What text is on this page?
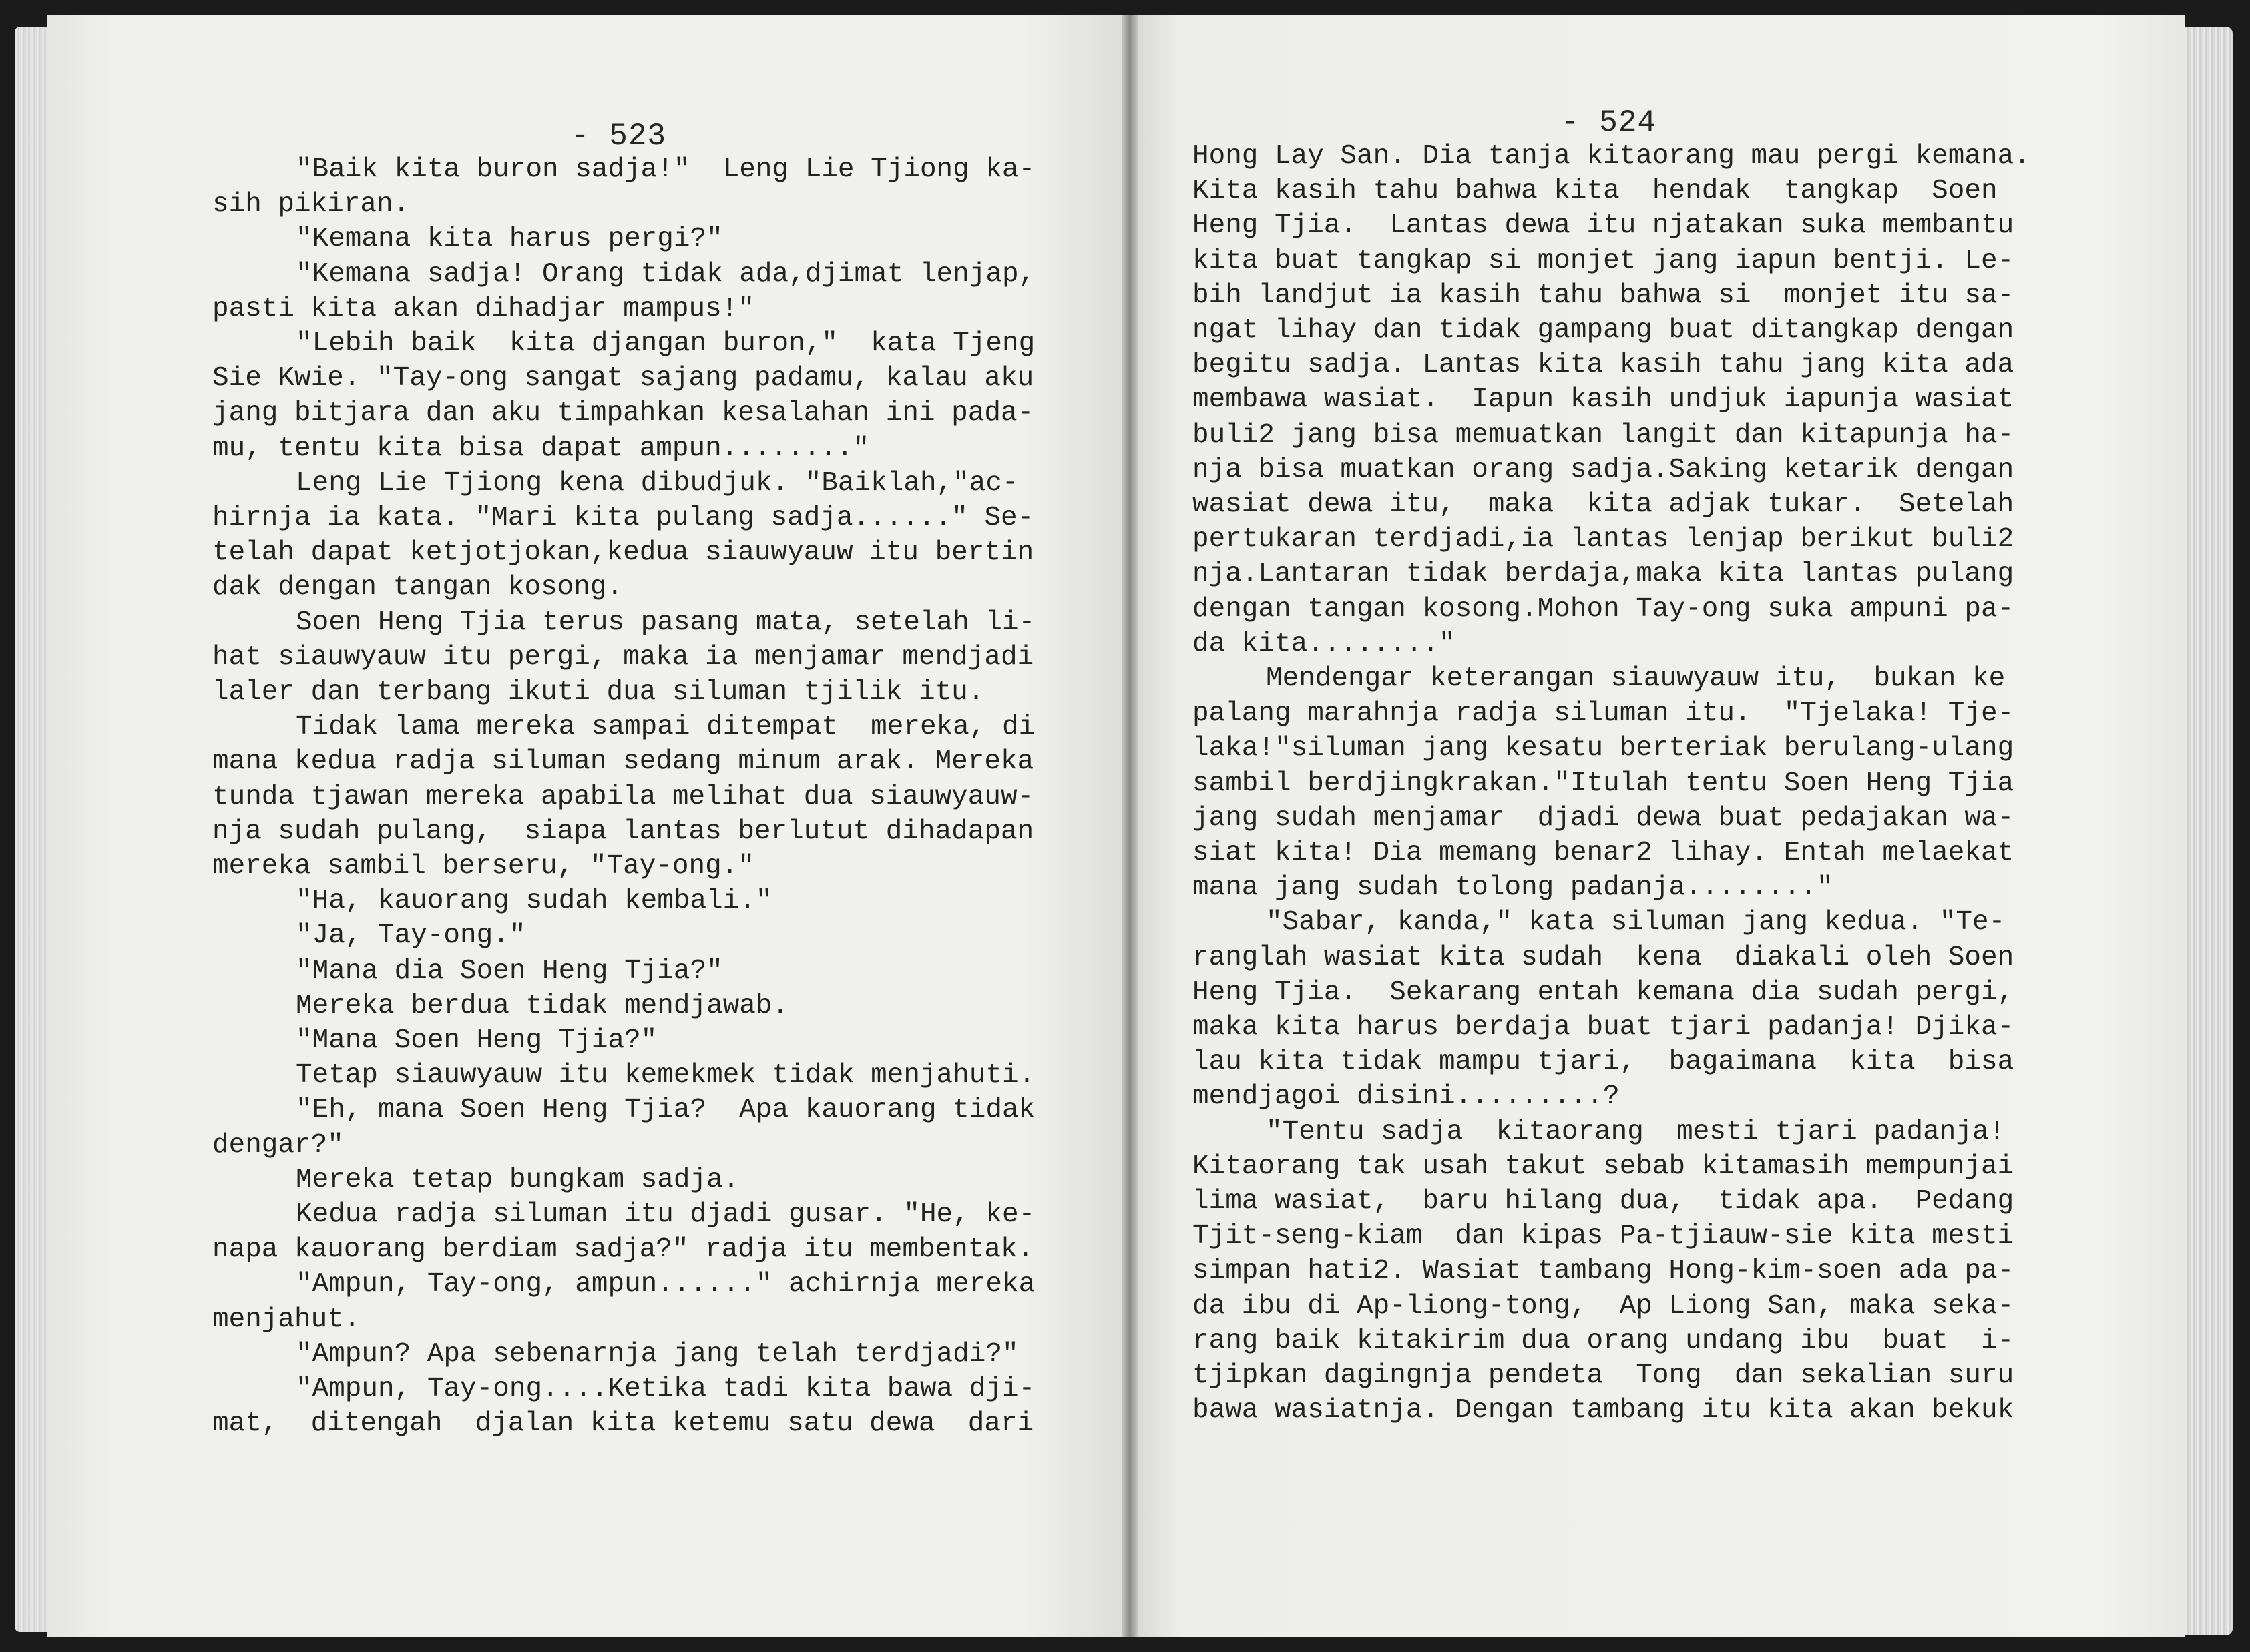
- 523	- 524
"Baik kita buron sadja!"  Leng Lie Tjiong ka-
sih pikiran.
"Kemana kita harus pergi?"
"Kemana sadja! Orang tidak ada,djimat lenjap,
pasti kita akan dihadjar mampus!"
"Lebih baik  kita djangan buron,"  kata Tjeng
Sie Kwie. "Tay-ong sangat sajang padamu, kalau aku
jang bitjara dan aku timpahkan kesalahan ini pada-
mu, tentu kita bisa dapat ampun........"
Leng Lie Tjiong kena dibudjuk. "Baiklah,"ac-
hirnja ia kata. "Mari kita pulang sadja......" Se-
telah dapat ketjotjokan,kedua siauwyauw itu bertin
dak dengan tangan kosong.
Soen Heng Tjia terus pasang mata, setelah li-
hat siauwyauw itu pergi, maka ia menjamar mendjadi
laler dan terbang ikuti dua siluman tjilik itu.
Tidak lama mereka sampai ditempat  mereka, di
mana kedua radja siluman sedang minum arak. Mereka
tunda tjawan mereka apabila melihat dua siauwyauw-
nja sudah pulang,  siapa lantas berlutut dihadapan
mereka sambil berseru, "Tay-ong."
"Ha, kauorang sudah kembali."
"Ja, Tay-ong."
"Mana dia Soen Heng Tjia?"
Mereka berdua tidak mendjawab.
"Mana Soen Heng Tjia?"
Tetap siauwyauw itu kemekmek tidak menjahuti.
"Eh, mana Soen Heng Tjia?  Apa kauorang tidak
dengar?"
Mereka tetap bungkam sadja.
Kedua radja siluman itu djadi gusar. "He, ke-
napa kauorang berdiam sadja?" radja itu membentak.
"Ampun, Tay-ong, ampun......" achirnja mereka
menjahut.
"Ampun? Apa sebenarnja jang telah terdjadi?"
"Ampun, Tay-ong....Ketika tadi kita bawa dji-
mat,  ditengah  djalan kita ketemu satu dewa  dari
Hong Lay San. Dia tanja kitaorang mau pergi kemana.
Kita kasih tahu bahwa kita  hendak  tangkap  Soen
Heng Tjia.  Lantas dewa itu njatakan suka membantu
kita buat tangkap si monjet jang iapun bentji. Le-
bih landjut ia kasih tahu bahwa si  monjet itu sa-
ngat lihay dan tidak gampang buat ditangkap dengan
begitu sadja. Lantas kita kasih tahu jang kita ada
membawa wasiat.  Iapun kasih undjuk iapunja wasiat
buli2 jang bisa memuatkan langit dan kitapunja ha-
nja bisa muatkan orang sadja.Saking ketarik dengan
wasiat dewa itu,  maka  kita adjak tukar.  Setelah
pertukaran terdjadi,ia lantas lenjap berikut buli2
nja.Lantaran tidak berdaja,maka kita lantas pulang
dengan tangan kosong.Mohon Tay-ong suka ampuni pa-
da kita........"
Mendengar keterangan siauwyauw itu,  bukan ke
palang marahnja radja siluman itu.  "Tjelaka! Tje-
laka!"siluman jang kesatu berteriak berulang-ulang
sambil berdjingkrakan."Itulah tentu Soen Heng Tjia
jang sudah menjamar  djadi dewa buat pedajakan wa-
siat kita! Dia memang benar2 lihay. Entah melaekat
mana jang sudah tolong padanja........"
"Sabar, kanda," kata siluman jang kedua. "Te-
ranglah wasiat kita sudah  kena  diakali oleh Soen
Heng Tjia.  Sekarang entah kemana dia sudah pergi,
maka kita harus berdaja buat tjari padanja! Djika-
lau kita tidak mampu tjari,  bagaimana  kita  bisa
mendjagoi disini.........?
"Tentu sadja  kitaorang  mesti tjari padanja!
Kitaorang tak usah takut sebab kitamasih mempunjai
lima wasiat,  baru hilang dua,  tidak apa.  Pedang
Tjit-seng-kiam  dan kipas Pa-tjiauw-sie kita mesti
simpan hati2. Wasiat tambang Hong-kim-soen ada pa-
da ibu di Ap-liong-tong,  Ap Liong San, maka seka-
rang baik kitakirim dua orang undang ibu  buat  i-
tjipkan dagingnja pendeta  Tong  dan sekalian suru
bawa wasiatnja. Dengan tambang itu kita akan bekuk
